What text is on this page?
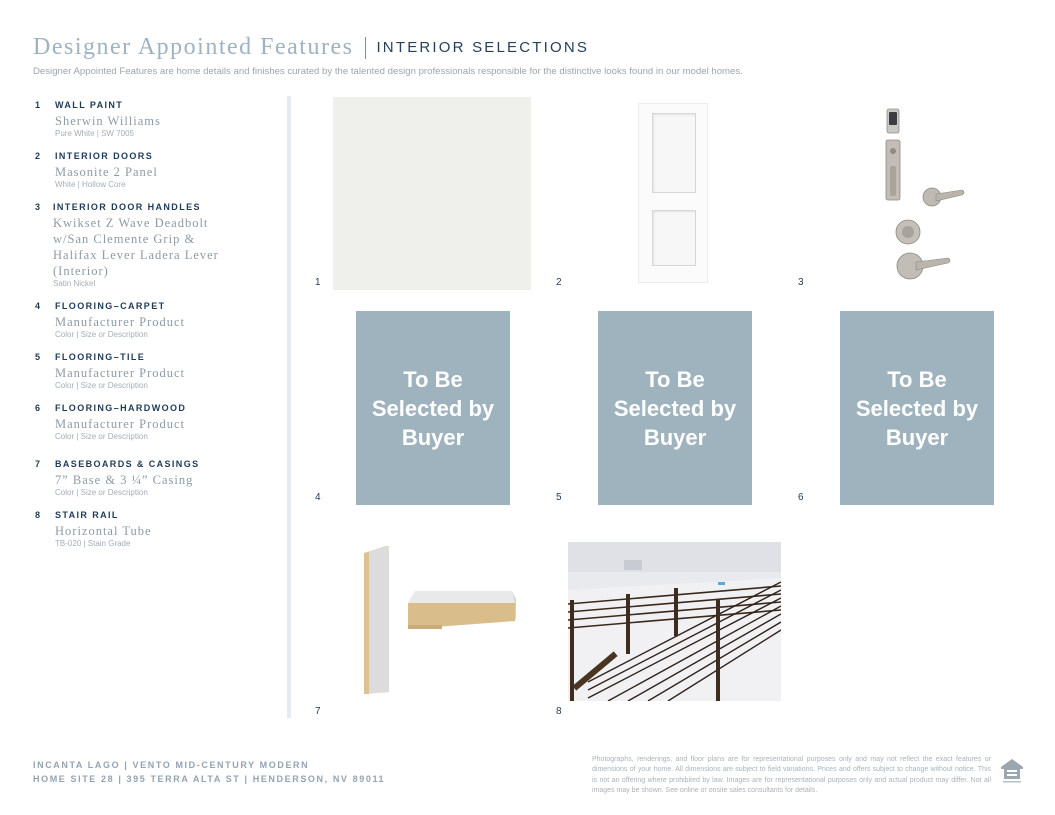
Designer Appointed Features INTERIOR SELECTIONS
Designer Appointed Features are home details and finishes curated by the talented design professionals responsible for the distinctive looks found in our model homes.
1 WALL PAINT
Sherwin Williams
Pure White | SW 7005
2 INTERIOR DOORS
Masonite 2 Panel
White | Hollow Core
3 INTERIOR DOOR HANDLES
Kwikset Z Wave Deadbolt w/San Clemente Grip & Halifax Lever Ladera Lever (Interior)
Satin Nickel
4 FLOORING–CARPET
Manufacturer Product
Color | Size or Description
5 FLOORING–TILE
Manufacturer Product
Color | Size or Description
6 FLOORING–HARDWOOD
Manufacturer Product
Color | Size or Description
7 BASEBOARDS & CASINGS
7” Base & 3 ¼” Casing
Color | Size or Description
8 STAIR RAIL
Horizontal Tube
TB-020 | Stain Grade
1	2	3
4
To Be Selected by Buyer
5
To Be Selected by Buyer
6
To Be Selected by Buyer
7	8
INCANTA LAGO | VENTO MID-CENTURY MODERN
HOME SITE 28 | 395 TERRA ALTA ST | HENDERSON, NV 89011
Photographs, renderings, and floor plans are for representational purposes only and may not reflect the exact features or dimensions of your home. All dimensions are subject to field variations. Prices and offers subject to change without notice. This is not an offering where prohibited by law. Images are for representational purposes only and actual product may differ. Not all images may be shown. See online or onsite sales consultants for details.
